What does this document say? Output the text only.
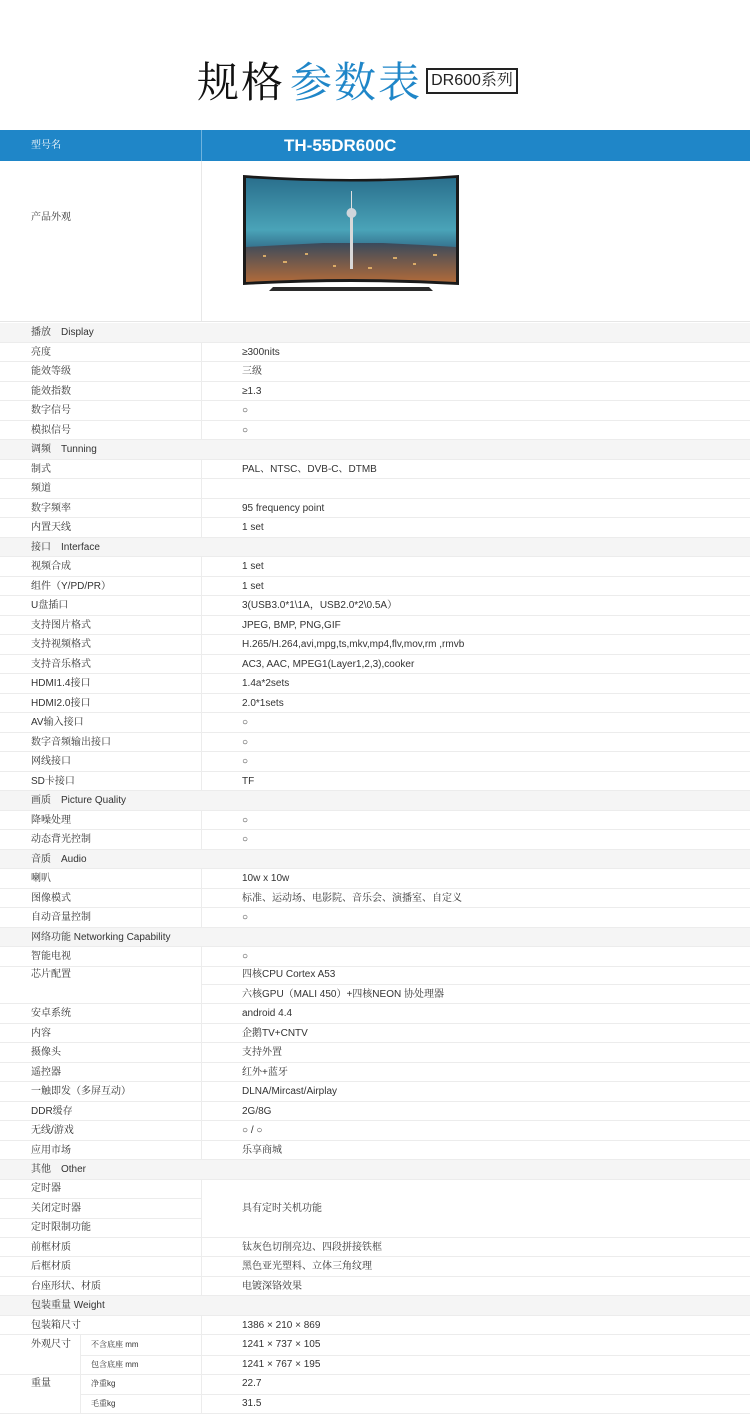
规格 参数表 DR600系列
型号名	TH-55DR600C
产品外观
播放　Display
亮度	≥300nits
能效等级	三级
能效指数	≥1.3
数字信号	○
模拟信号	○
调频　Tunning
制式	PAL、NTSC、DVB-C、DTMB
频道
数字频率	95 frequency point
内置天线	1 set
接口　Interface
视频合成	1 set
组件（Y/PD/PR）	1 set
U盘插口	3(USB3.0*1\1A，USB2.0*2\0.5A）
支持图片格式	JPEG, BMP, PNG,GIF
支持视频格式	H.265/H.264,avi,mpg,ts,mkv,mp4,flv,mov,rm ,rmvb
支持音乐格式	AC3, AAC, MPEG1(Layer1,2,3),cooker
HDMI1.4接口	1.4a*2sets
HDMI2.0接口	2.0*1sets
AV输入接口	○
数字音频输出接口	○
网线接口	○
SD卡接口	TF
画质　Picture Quality
降噪处理	○
动态背光控制	○
音质　Audio
喇叭	10w x 10w
图像模式	标准、运动场、电影院、音乐会、演播室、自定义
自动音量控制	○
网络功能 Networking Capability
智能电视	○
芯片配置	四核CPU Cortex A53
六核GPU（MALI 450）+四核NEON 协处理器
安卓系统	android 4.4
内容	企鹅TV+CNTV
摄像头	支持外置
遥控器	红外+蓝牙
一触即发（多屏互动）	DLNA/Mircast/Airplay
DDR缓存	2G/8G
无线/游戏	○ / ○
应用市场	乐享商城
其他　Other
定时器
关闭定时器
定时限制功能
具有定时关机功能
前框材质	钛灰色切削亮边、四段拼接铁框
后框材质	黑色亚光塑料、立体三角纹理
台座形状、材质	电镀深铬效果
包装重量 Weight
包装箱尺寸	1386 × 210 × 869
外观尺寸	不含底座 mm	1241 × 737 × 105
包含底座 mm	1241 × 767 × 195
重量	净重kg	22.7
毛重kg	31.5
